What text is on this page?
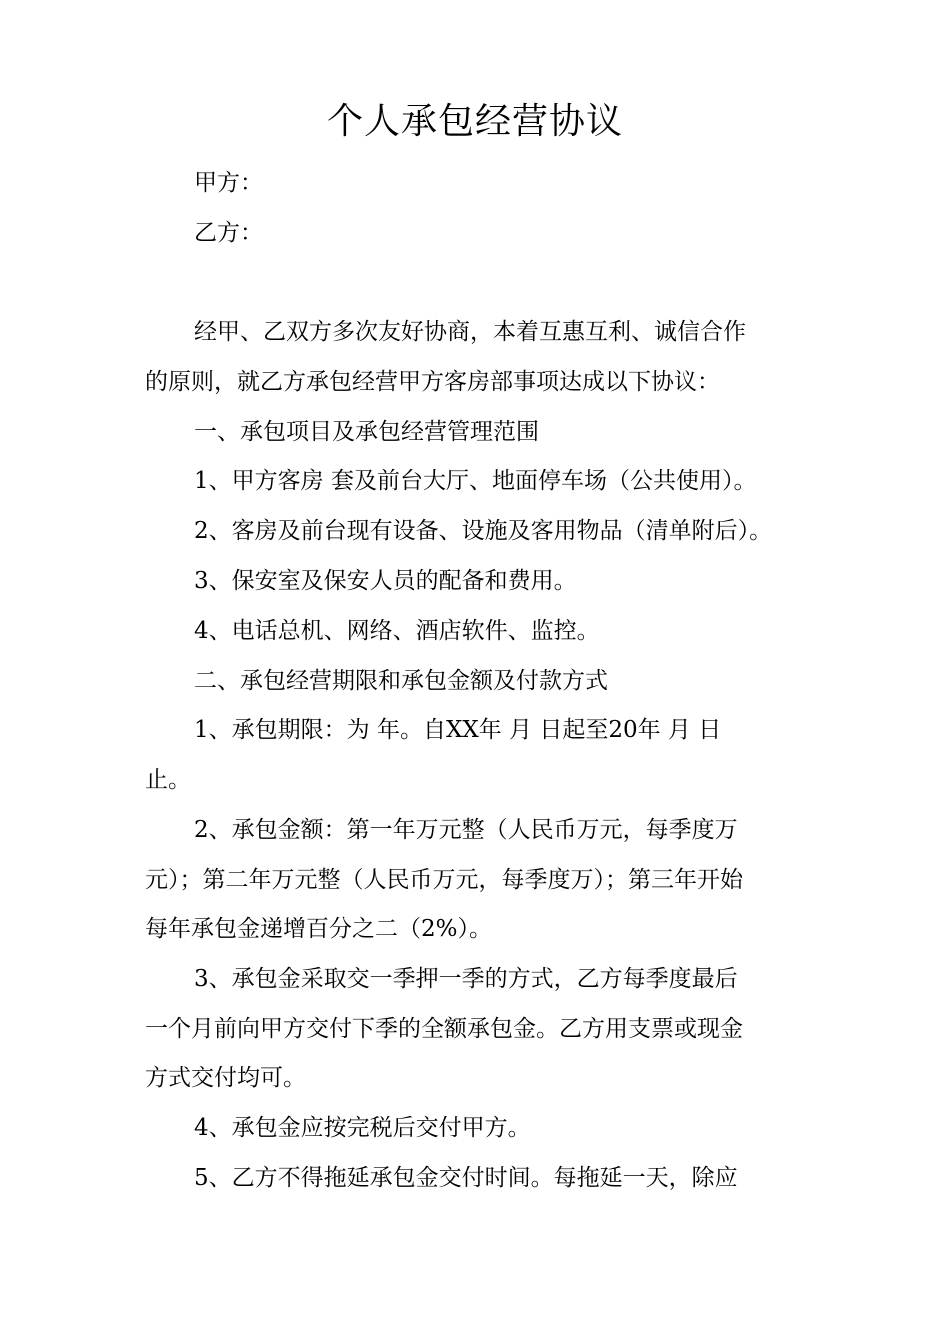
个人承包经营协议
甲方：
乙方：
经甲、乙双方多次友好协商，本着互惠互利、诚信合作
的原则，就乙方承包经营甲方客房部事项达成以下协议：
一、承包项目及承包经营管理范围
1、甲方客房 套及前台大厅、地面停车场（公共使用）。
2、客房及前台现有设备、设施及客用物品（清单附后）。
3、保安室及保安人员的配备和费用。
4、电话总机、网络、酒店软件、监控。
二、承包经营期限和承包金额及付款方式
1、承包期限：为 年。自XX年 月 日起至20年 月 日
止。
2、承包金额：第一年万元整（人民币万元，每季度万
元）；第二年万元整（人民币万元，每季度万）；第三年开始
每年承包金递增百分之二（2%）。
3、承包金采取交一季押一季的方式，乙方每季度最后
一个月前向甲方交付下季的全额承包金。乙方用支票或现金
方式交付均可。
4、承包金应按完税后交付甲方。
5、乙方不得拖延承包金交付时间。每拖延一天，除应
